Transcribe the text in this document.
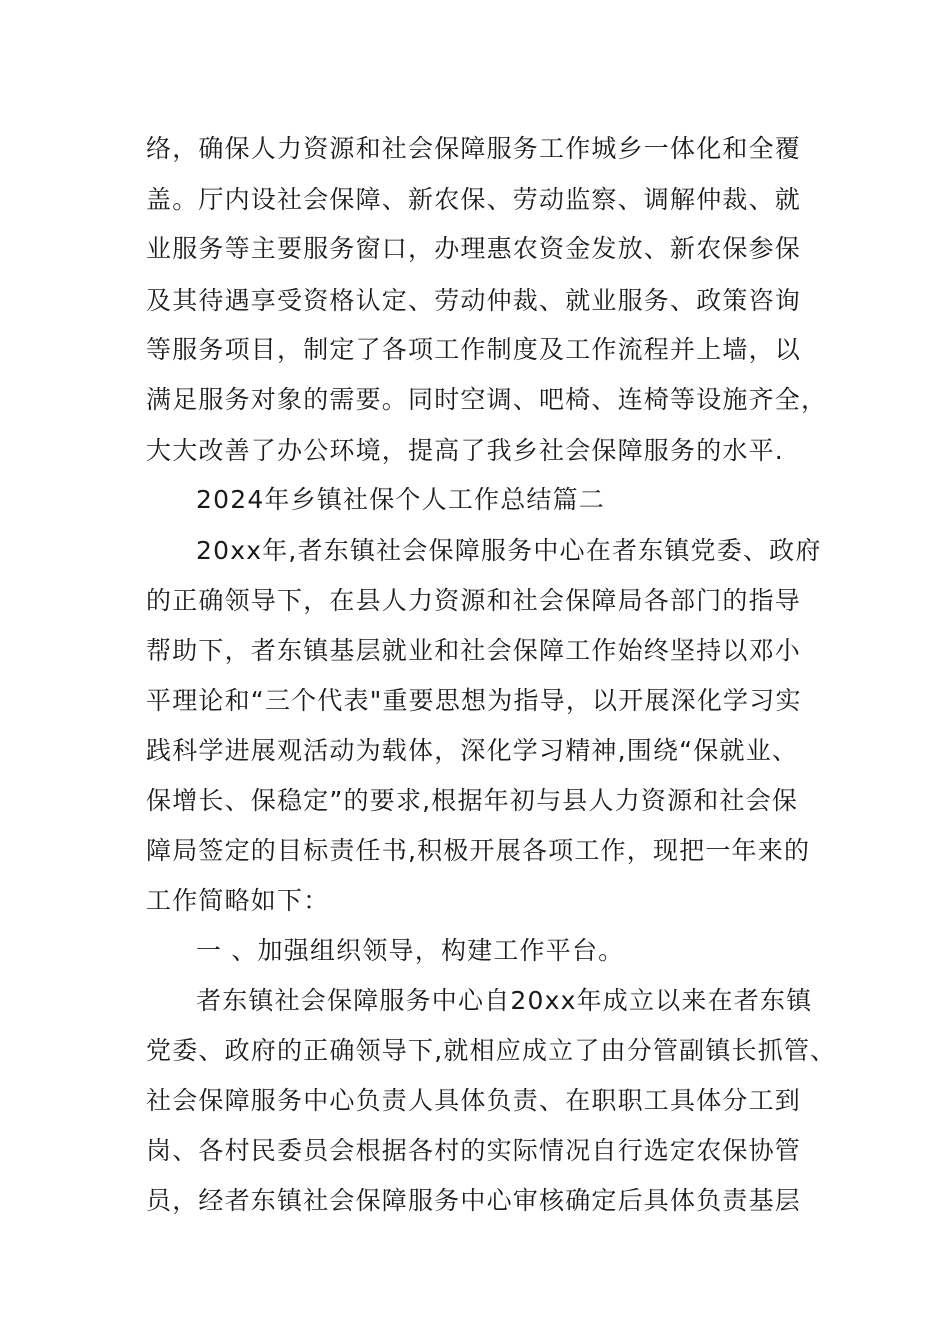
络，确保人力资源和社会保障服务工作城乡一体化和全覆
盖。厅内设社会保障、新农保、劳动监察、调解仲裁、就
业服务等主要服务窗口，办理惠农资金发放、新农保参保
及其待遇享受资格认定、劳动仲裁、就业服务、政策咨询
等服务项目，制定了各项工作制度及工作流程并上墙，以
满足服务对象的需要。同时空调、吧椅、连椅等设施齐全，
大大改善了办公环境，提高了我乡社会保障服务的水平.
2024年乡镇社保个人工作总结篇二
20xx年,者东镇社会保障服务中心在者东镇党委、政府
的正确领导下，在县人力资源和社会保障局各部门的指导
帮助下，者东镇基层就业和社会保障工作始终坚持以邓小
平理论和“三个代表"重要思想为指导，以开展深化学习实
践科学进展观活动为载体，深化学习精神,围绕“保就业、
保增长、保稳定”的要求,根据年初与县人力资源和社会保
障局签定的目标责任书,积极开展各项工作，现把一年来的
工作简略如下：
一 、加强组织领导，构建工作平台。
者东镇社会保障服务中心自20xx年成立以来在者东镇
党委、政府的正确领导下,就相应成立了由分管副镇长抓管、
社会保障服务中心负责人具体负责、在职职工具体分工到
岗、各村民委员会根据各村的实际情况自行选定农保协管
员，经者东镇社会保障服务中心审核确定后具体负责基层
